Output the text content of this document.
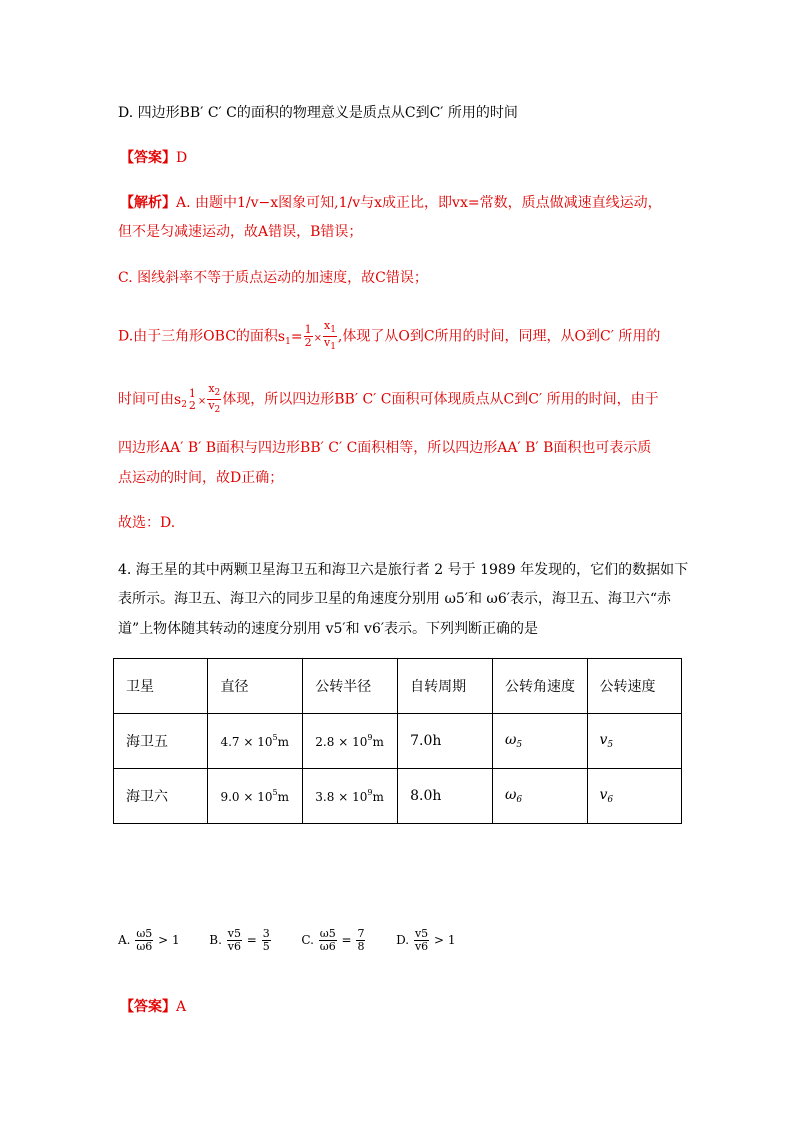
D. 四边形BB′ C′ C的面积的物理意义是质点从C到C′ 所用的时间
【答案】D
【解析】A. 由题中1/v−x图象可知,1/v与x成正比，即vx=常数，质点做减速直线运动，
但不是匀减速运动，故A错误，B错误；
C. 图线斜率不等于质点运动的加速度，故C错误；
D.由于三角形OBC的面积$s_1= \frac{1}{2} \times \frac{x_1}{v_1}$ ,体现了从O到C所用的时间，同理，从O到C′ 所用的
时间可由$s_2$
1
$2 \times \frac{x_2}{v_2}$ 体现，所以四边形BB′ C′ C面积可体现质点从C到C′ 所用的时间，由于
四边形AA′ B′ B面积与四边形BB′ C′ C面积相等，所以四边形AA′ B′ B面积也可表示质
点运动的时间，故D正确；
故选：D.
4. 海王星的其中两颗卫星海卫五和海卫六是旅行者 2 号于 1989 年发现的，它们的数据如下
表所示。海卫五、海卫六的同步卫星的角速度分别用 ω5′和 ω6′表示，海卫五、海卫六“赤
道”上物体随其转动的速度分别用 v5′和 v6′表示。下列判断正确的是
卫星	直径	公转半径	自转周期	公转角速度	公转速度
海卫五	$4.7 \times 10^5m$	$2.8 \times 10^9m$	7.0h	$\omega_5$	$v_5$
海卫六	$9.0 \times 10^5m$	$3.8 \times 10^9m$	8.0h	$\omega_6$	$v_6$
A. $\frac{\omega 5}{\omega 6} > 1$ B. $\frac{v5}{v6} = \frac{3}{5}$	C. $\frac{\omega 5}{\omega 6} = \frac{7}{8}$	D. $\frac{v5}{v6} > 1$
【答案】A
